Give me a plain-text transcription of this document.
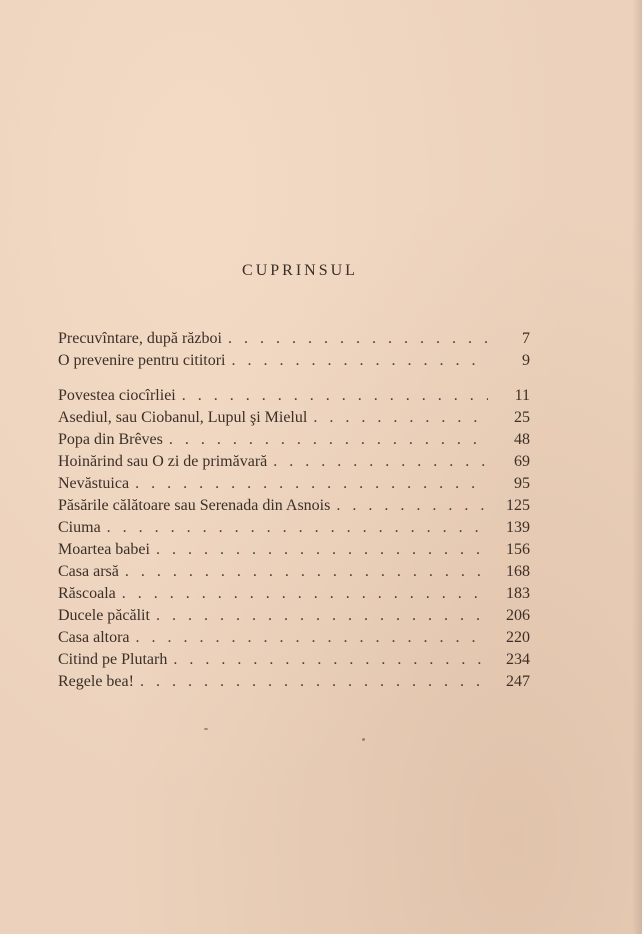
CUPRINSUL
Precuvîntare, după război . . .	7
O prevenire pentru cititori . . .	9
Povestea ciocîrliei . . .	11
Asediul, sau Ciobanul, Lupul şi Mielul . . .	25
Popa din Brêves . . .	48
Hoinărind sau O zi de primăvară . . .	69
Nevăstuica . . .	95
Păsările călătoare sau Serenada din Asnois . . .	125
Ciuma . . .	139
Moartea babei . . .	156
Casa arsă . . .	168
Răscoala . . .	183
Ducele păcălit . . .	206
Casa altora . . .	220
Citind pe Plutarh . . .	234
Regele bea! . . .	247
